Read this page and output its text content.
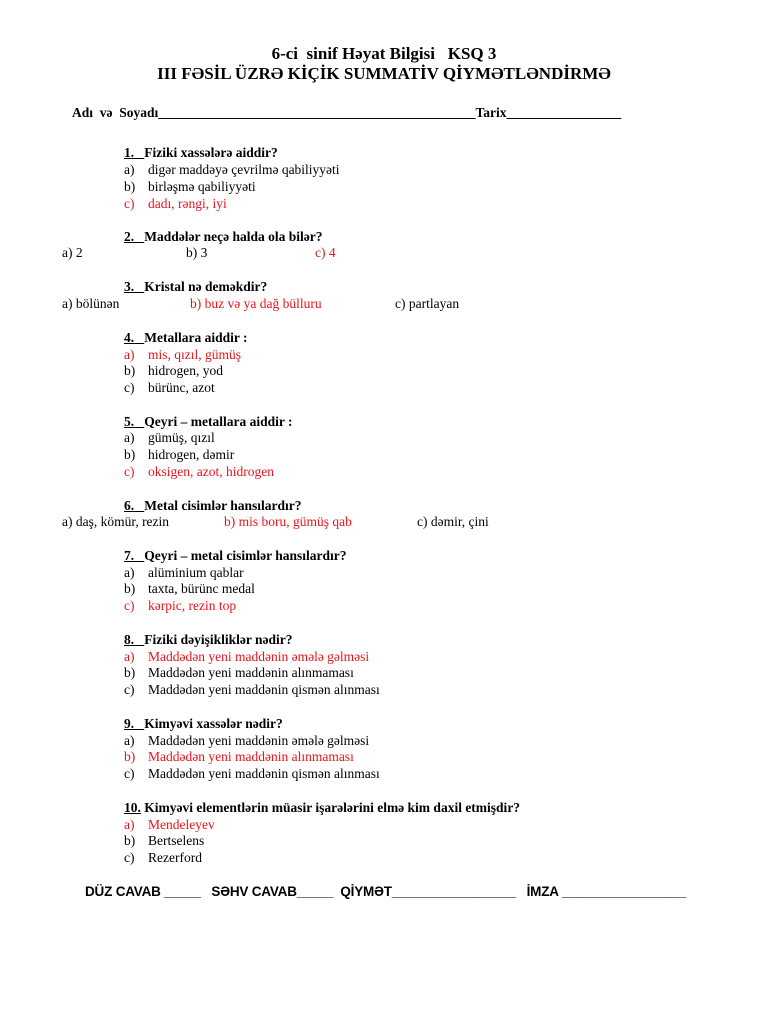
6-ci  sinif Həyat Bilgisi   KSQ 3
III FƏSİL ÜZRƏ KİÇİK SUMMATİV QİYMƏTLƏNDİRMƏ
Adı  və  Soyadı_______________________________________________Tarix_________________
1. Fiziki xassələrə aiddir?
a) digər maddəyə çevrilmə qabiliyyəti
b) birləşmə qabiliyyəti
c) dadı, rəngi, iyi
2. Maddələr neçə halda ola bilər?
a) 2	b) 3	c) 4
3. Kristal nə deməkdir?
a) bölünən	b) buz və ya dağ bülluru	c) partlayan
4. Metallara aiddir :
a) mis, qızıl, gümüş
b) hidrogen, yod
c) bürünc, azot
5. Qeyri – metallara aiddir :
a) gümüş, qızıl
b) hidrogen, dəmir
c) oksigen, azot, hidrogen
6. Metal cisimlər hansılardır?
a) daş, kömür, rezin	b) mis boru, gümüş qab	c) dəmir, çini
7. Qeyri – metal cisimlər hansılardır?
a) alüminium qablar
b) taxta, bürünc medal
c) kərpic, rezin top
8. Fiziki dəyişikliklər nədir?
a) Maddədən yeni maddənin əmələ gəlməsi
b) Maddədən yeni maddənin alınmaması
c) Maddədən yeni maddənin qismən alınması
9. Kimyəvi xassələr nədir?
a) Maddədən yeni maddənin əmələ gəlməsi
b) Maddədən yeni maddənin alınmaması
c) Maddədən yeni maddənin qismən alınması
10. Kimyəvi elementlərin müasir işarələrini elmə kim daxil etmişdir?
a) Mendeleyev
b) Bertselens
c) Rezerford
DÜZ CAVAB _____   SƏHV CAVAB_____  QİYMƏT_________________   İMZA _________________
